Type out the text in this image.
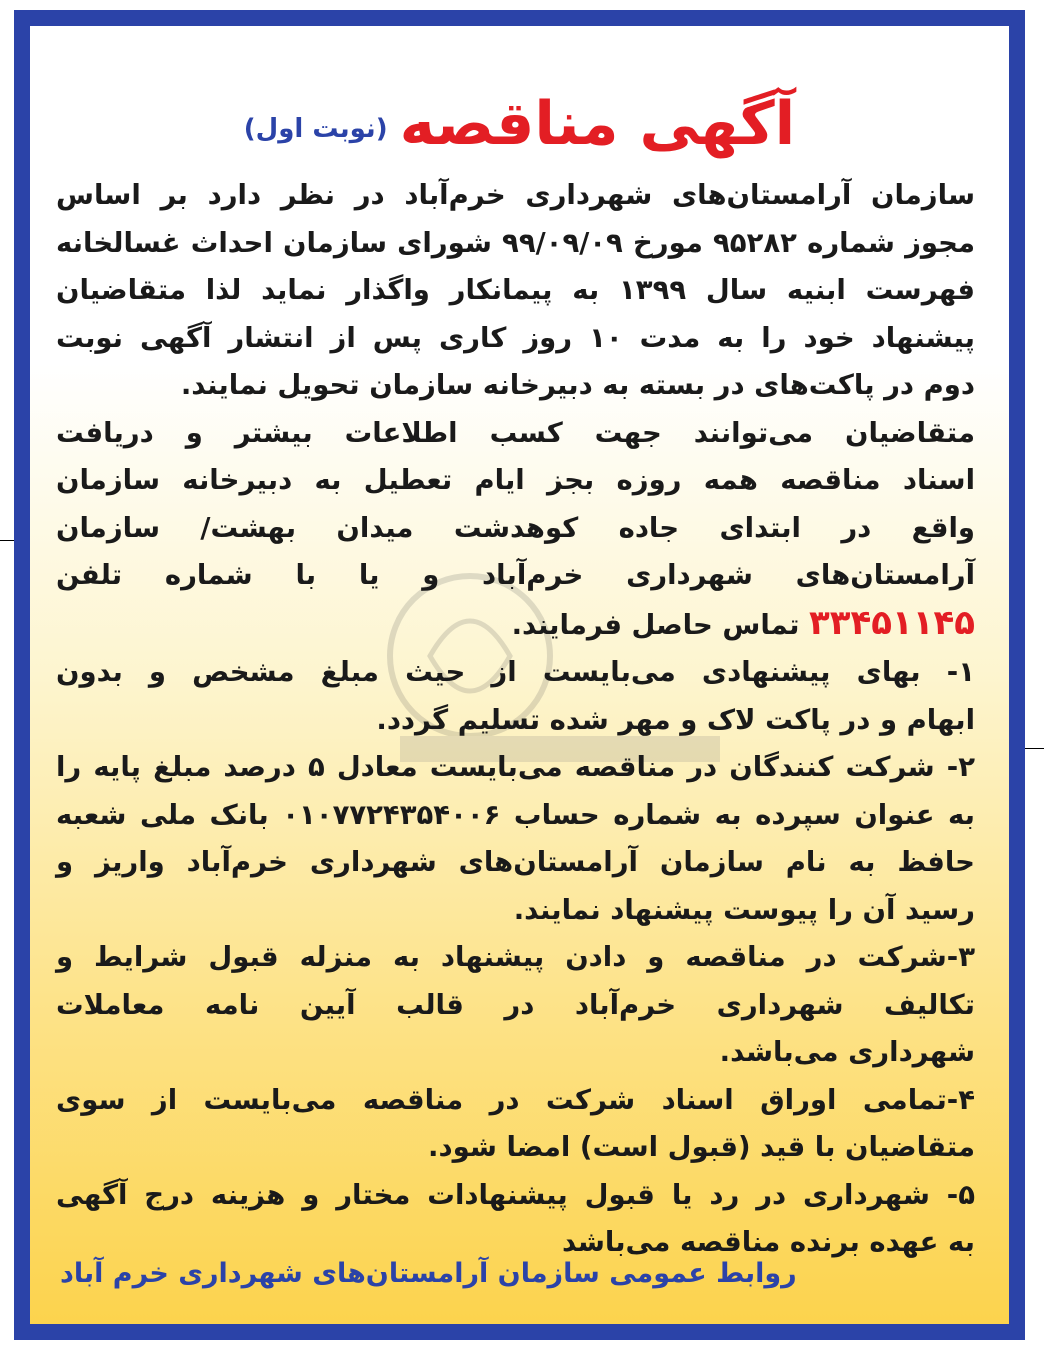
آگهی مناقصه
(نوبت اول)
سازمان آرامستان‌های شهرداری خرم‌آباد در نظر دارد بر اساس
مجوز شماره ۹۵۲۸۲ مورخ ۹۹/۰۹/۰۹ شورای سازمان احداث غسالخانه
فهرست ابنیه سال ۱۳۹۹ به پیمانکار واگذار نماید لذا متقاضیان
پیشنهاد خود را به مدت ۱۰ روز کاری پس از انتشار آگهی نوبت
دوم در پاکت‌های در بسته به دبیرخانه سازمان تحویل نمایند.
متقاضیان می‌توانند جهت کسب اطلاعات بیشتر و دریافت
اسناد مناقصه همه روزه بجز ایام تعطیل به دبیرخانه سازمان
واقع در ابتدای جاده کوهدشت میدان بهشت/ سازمان
آرامستان‌های شهرداری خرم‌آباد و یا با شماره تلفن
۳۳۴۵۱۱۴۵ تماس حاصل فرمایند.
۱- بهای پیشنهادی می‌بایست از حیث مبلغ مشخص و بدون
ابهام و در پاکت لاک و مهر شده تسلیم گردد.
۲- شرکت کنندگان در مناقصه می‌بایست معادل ۵ درصد مبلغ پایه را
به عنوان سپرده به شماره حساب ۰۱۰۷۷۲۴۳۵۴۰۰۶ بانک ملی شعبه
حافظ به نام سازمان آرامستان‌های شهرداری خرم‌آباد واریز و
رسید آن را پیوست پیشنهاد نمایند.
۳-شرکت در مناقصه و دادن پیشنهاد به منزله قبول شرایط و
تکالیف شهرداری خرم‌آباد در قالب آیین نامه معاملات
شهرداری می‌باشد.
۴-تمامی اوراق اسناد شرکت در مناقصه می‌بایست از سوی
متقاضیان با قید (قبول است) امضا شود.
۵- شهرداری در رد یا قبول پیشنهادات مختار و هزینه درج آگهی
به عهده برنده مناقصه می‌باشد
روابط عمومی سازمان آرامستان‌های شهرداری خرم آباد
